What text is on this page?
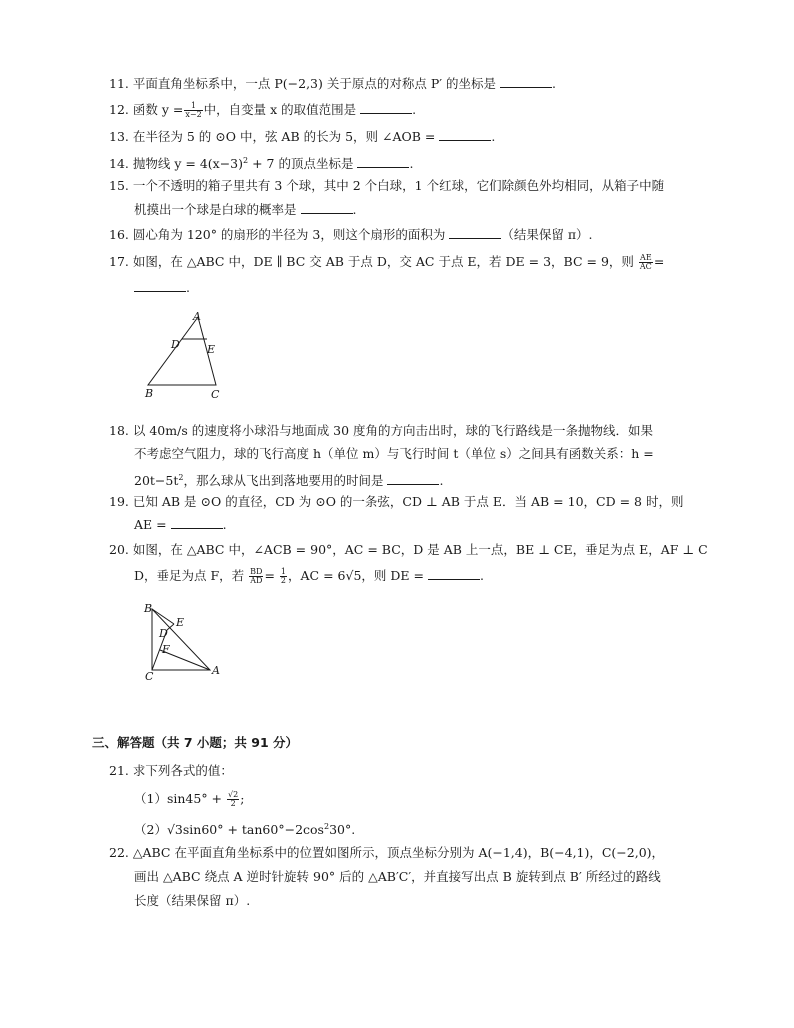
11. 平面直角坐标系中，一点 P(−2,3) 关于原点的对称点 P′ 的坐标是	.
12. 函数 $y = \frac{1}{x-2}$ 中，自变量 x 的取值范围是	.
13. 在半径为 5 的 ⊙O 中，弦 AB 的长为 5，则 ∠AOB =	.
14. 抛物线 $y = 4(x-3)^2 + 7$ 的顶点坐标是	.
15. 一个不透明的箱子里共有 3 个球，其中 2 个白球，1 个红球，它们除颜色外均相同，从箱子中随
机摸出一个球是白球的概率是	.
16. 圆心角为 120° 的扇形的半径为 3，则这个扇形的面积为	（结果保留 π）.
17. 如图，在 △ABC 中，DE ∥ BC 交 AB 于点 D，交 AC 于点 E，若 DE = 3，BC = 9，则 $\frac{AE}{AC}$ =
.
A
D E
B	C
18. 以 40m/s 的速度将小球沿与地面成 30 度角的方向击出时，球的飞行路线是一条抛物线．如果
不考虑空气阻力，球的飞行高度 h（单位 m）与飞行时间 t（单位 s）之间具有函数关系：h =
$20t-5t^2$，那么球从飞出到落地要用的时间是	.
19. 已知 AB 是 ⊙O 的直径，CD 为 ⊙O 的一条弦，CD ⊥ AB 于点 E．当 AB = 10，CD = 8 时，则
AE =	.
20. 如图，在 △ABC 中，∠ACB = 90°，AC = BC，D 是 AB 上一点，BE ⊥ CE，垂足为点 E，AF ⊥ C
D，垂足为点 F，若 $\frac{BD}{AD} = \frac{1}{2}$ ，AC = 6√5，则 DE =	.
B
E
D
F
C	A
三、解答题（共 7 小题；共 91 分）
21. 求下列各式的值：
$(1)\sin 45^\circ + \frac{√2}{2}$ ;
$(2)√3\sin 60^\circ + \tan 60^\circ-2\cos^230^\circ$.
22. △ABC 在平面直角坐标系中的位置如图所示，顶点坐标分别为 A(−1,4)，B(−4,1)，C(−2,0)，
画出 △ABC 绕点 A 逆时针旋转 90° 后的 △AB′C′，并直接写出点 B 旋转到点 B′ 所经过的路线
长度（结果保留 π）.
